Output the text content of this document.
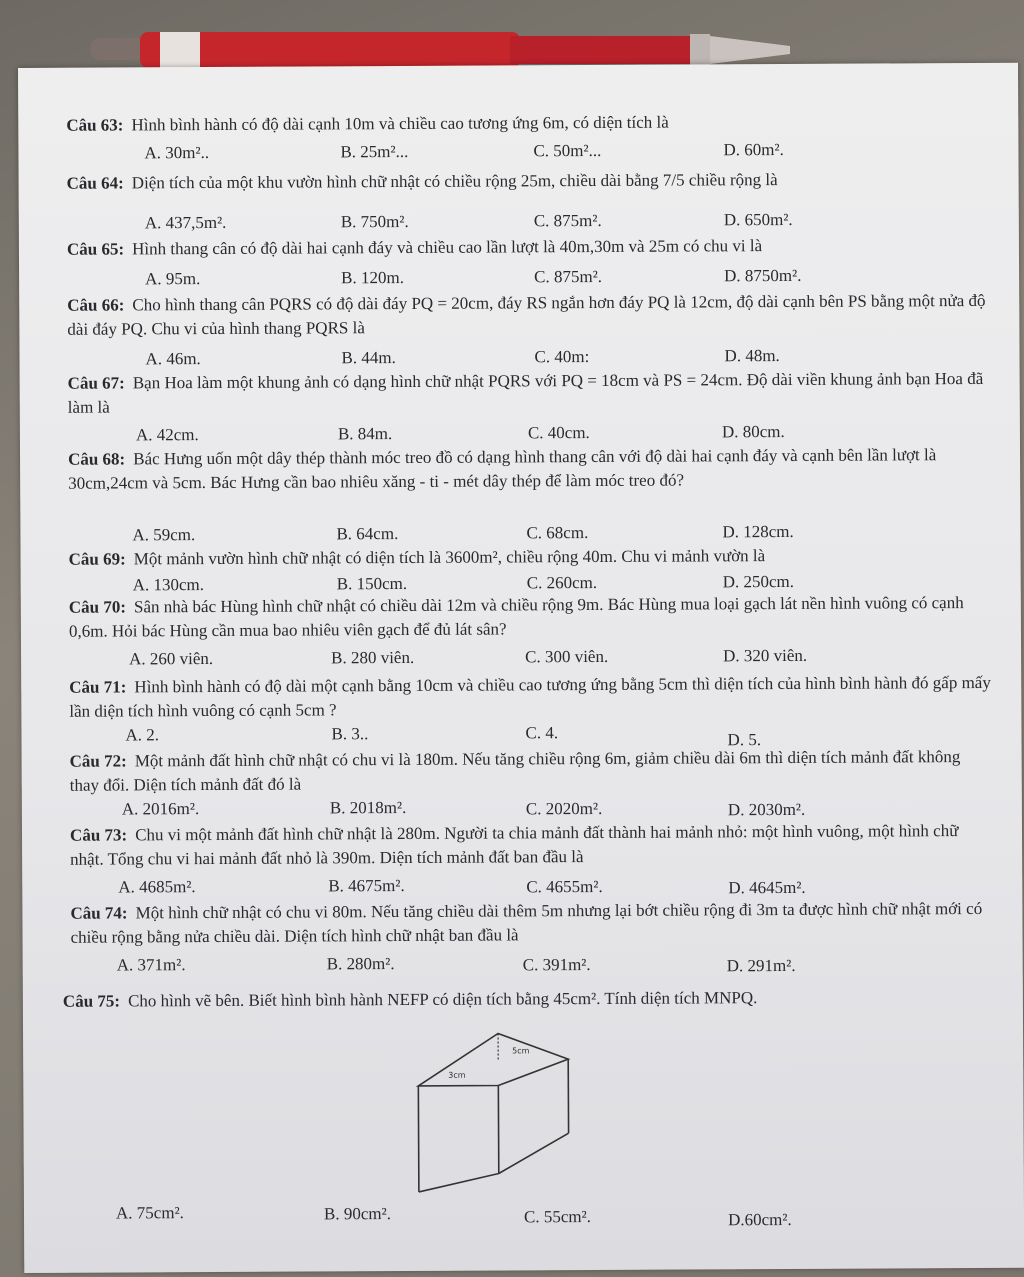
Câu 63: Hình bình hành có độ dài cạnh 10m và chiều cao tương ứng 6m, có diện tích là
A. 30m²..	B. 25m²...	C. 50m²...	D. 60m².
Câu 64: Diện tích của một khu vườn hình chữ nhật có chiều rộng 25m, chiều dài bằng 7/5 chiều rộng là
A. 437,5m².	B. 750m².	C. 875m².	D. 650m².
Câu 65: Hình thang cân có độ dài hai cạnh đáy và chiều cao lần lượt là 40m,30m và 25m có chu vi là
A. 95m.	B. 120m.	C. 875m².	D. 8750m².
Câu 66: Cho hình thang cân PQRS có độ dài đáy PQ = 20cm, đáy RS ngắn hơn đáy PQ là 12cm, độ dài cạnh bên PS bằng một nửa độ dài đáy PQ. Chu vi của hình thang PQRS là
A. 46m.	B. 44m.	C. 40m:	D. 48m.
Câu 67: Bạn Hoa làm một khung ảnh có dạng hình chữ nhật PQRS với PQ = 18cm và PS = 24cm. Độ dài viền khung ảnh bạn Hoa đã làm là
A. 42cm.	B. 84m.	C. 40cm.	D. 80cm.
Câu 68: Bác Hưng uốn một dây thép thành móc treo đồ có dạng hình thang cân với độ dài hai cạnh đáy và cạnh bên lần lượt là 30cm,24cm và 5cm. Bác Hưng cần bao nhiêu xăng - ti - mét dây thép để làm móc treo đó?
A. 59cm.	B. 64cm.	C. 68cm.	D. 128cm.
Câu 69: Một mảnh vườn hình chữ nhật có diện tích là 3600m², chiều rộng 40m. Chu vi mảnh vườn là
A. 130cm.	B. 150cm.	C. 260cm.	D. 250cm.
Câu 70: Sân nhà bác Hùng hình chữ nhật có chiều dài 12m và chiều rộng 9m. Bác Hùng mua loại gạch lát nền hình vuông có cạnh 0,6m. Hỏi bác Hùng cần mua bao nhiêu viên gạch để đủ lát sân?
A. 260 viên.	B. 280 viên.	C. 300 viên.	D. 320 viên.
Câu 71: Hình bình hành có độ dài một cạnh bằng 10cm và chiều cao tương ứng bằng 5cm thì diện tích của hình bình hành đó gấp mấy lần diện tích hình vuông có cạnh 5cm ?
A. 2.	B. 3..	C. 4.	D. 5.
Câu 72: Một mảnh đất hình chữ nhật có chu vi là 180m. Nếu tăng chiều rộng 6m, giảm chiều dài 6m thì diện tích mảnh đất không thay đổi. Diện tích mảnh đất đó là
A. 2016m².	B. 2018m².	C. 2020m².	D. 2030m².
Câu 73: Chu vi một mảnh đất hình chữ nhật là 280m. Người ta chia mảnh đất thành hai mảnh nhỏ: một hình vuông, một hình chữ nhật. Tổng chu vi hai mảnh đất nhỏ là 390m. Diện tích mảnh đất ban đầu là
A. 4685m².	B. 4675m².	C. 4655m².	D. 4645m².
Câu 74: Một hình chữ nhật có chu vi 80m. Nếu tăng chiều dài thêm 5m nhưng lại bớt chiều rộng đi 3m ta được hình chữ nhật mới có chiều rộng bằng nửa chiều dài. Diện tích hình chữ nhật ban đầu là
A. 371m².	B. 280m².	C. 391m².	D. 291m².
Câu 75: Cho hình vẽ bên. Biết hình bình hành NEFP có diện tích bằng 45cm². Tính diện tích MNPQ.
A. 75cm².	B. 90cm².	C. 55cm².	D.60cm².
5cm
3cm
